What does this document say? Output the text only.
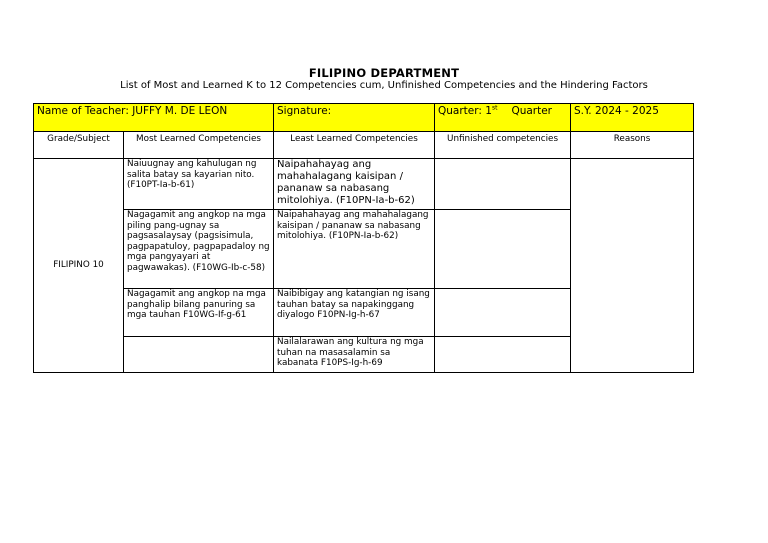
FILIPINO DEPARTMENT
List of Most and Learned K to 12 Competencies cum, Unfinished Competencies and the Hindering Factors
Name of Teacher: JUFFY M. DE LEON		Signature:	Quarter: 1st Quarter	S.Y. 2024 - 2025
Grade/Subject	Most Learned Competencies	Least Learned Competencies	Unfinished competencies	Reasons
FILIPINO 10	Naiuugnay ang kahulugan ng salita batay sa kayarian nito. (F10PT-Ia-b-61)	Naipahahayag ang mahahalagang kaisipan / pananaw sa nabasang mitolohiya. (F10PN-Ia-b-62)		
	Nagagamit ang angkop na mga piling pang-ugnay sa pagsasalaysay (pagsisimula, pagpapatuloy, pagpapadaloy ng mga pangyayari at pagwawakas). (F10WG-Ib-c-58)	Naipahahayag ang mahahalagang kaisipan / pananaw sa nabasang mitolohiya. (F10PN-Ia-b-62)		
	Nagagamit ang angkop na mga panghalip bilang panuring sa mga tauhan F10WG-If-g-61	Naibibigay ang katangian ng isang tauhan batay sa napakinggang diyalogo F10PN-Ig-h-67		
		Nailalarawan ang kultura ng mga tuhan na masasalamin sa kabanata F10PS-Ig-h-69		
